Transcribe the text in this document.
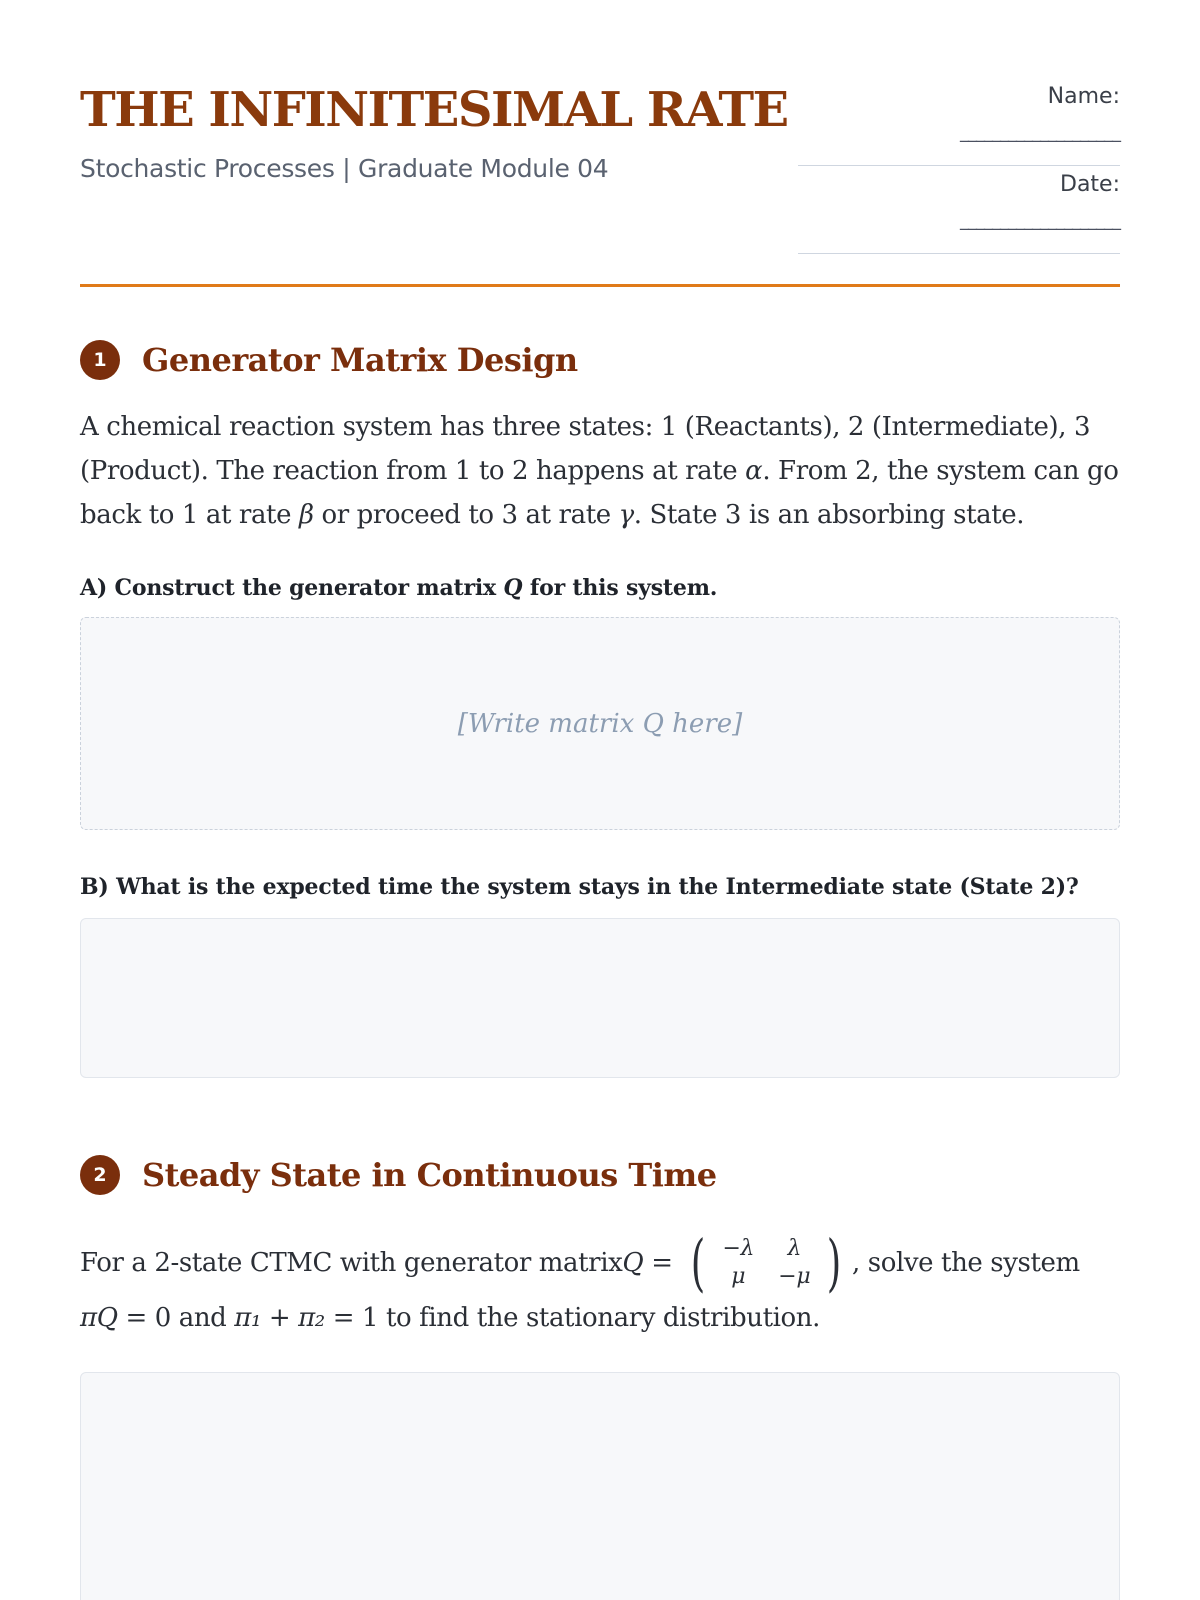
THE INFINITESIMAL RATE
Stochastic Processes | Graduate Module 04
Name:
____________________
Date:
____________________
1	Generator Matrix Design

A chemical reaction system has three states: 1 (Reactants), 2 (Intermediate), 3 (Product). The reaction from 1 to 2 happens at rate α. From 2, the system can go back to 1 at rate β or proceed to 3 at rate γ. State 3 is an absorbing state.

A) Construct the generator matrix Q for this system.
[Write matrix Q here]
B) What is the expected time the system stays in the Intermediate state (State 2)?
2	Steady State in Continuous Time
For a 2-state CTMC with generator matrix Q = ( −λ	λ
μ	−μ ) , solve the system
πQ = 0 and π₁ + π₂ = 1 to find the stationary distribution.
